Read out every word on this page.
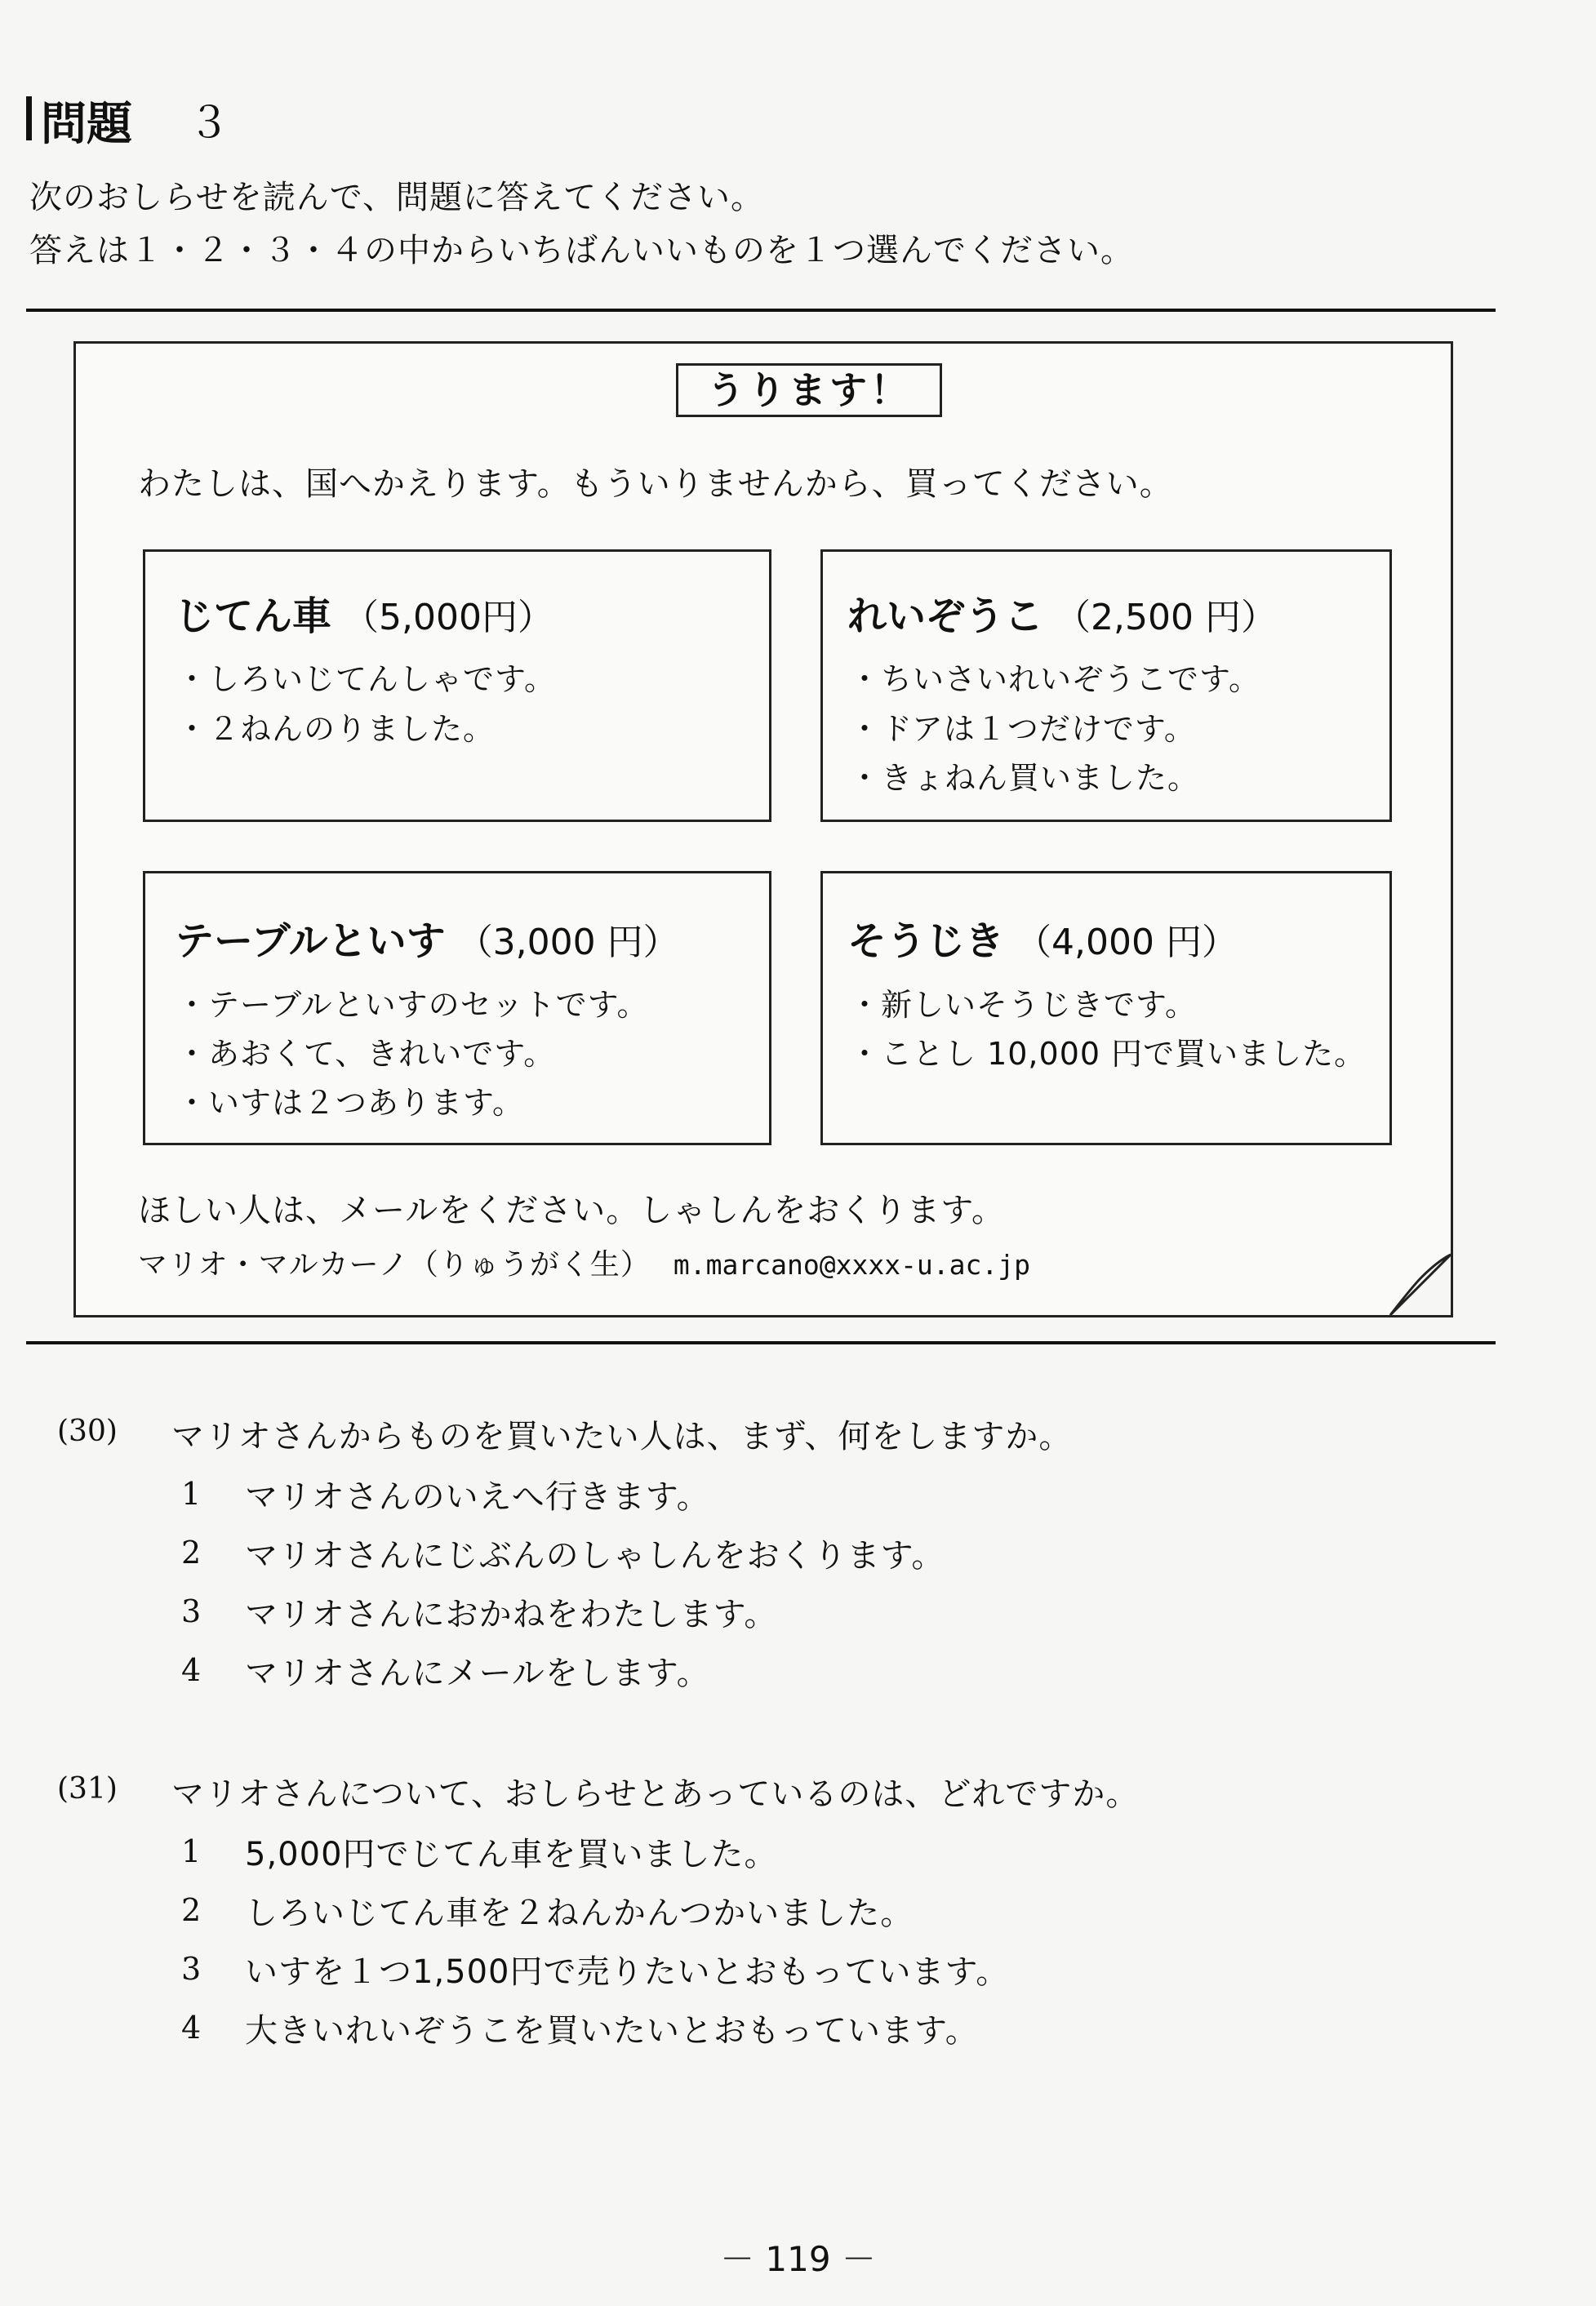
問題 ３
次のおしらせを読んで、問題に答えてください。
答えは１・２・３・４の中からいちばんいいものを１つ選んでください。
うります！
わたしは、国へかえります。もういりませんから、買ってください。
じてん車 （5,000円）
・しろいじてんしゃです。
・２ねんのりました。
れいぞうこ （2,500 円）
・ちいさいれいぞうこです。
・ドアは１つだけです。
・きょねん買いました。
テーブルといす （3,000 円）
・テーブルといすのセットです。
・あおくて、きれいです。
・いすは２つあります。
そうじき （4,000 円）
・新しいそうじきです。
・ことし 10,000 円で買いました。
ほしい人は、メールをください。しゃしんをおくります。
マリオ・マルカーノ（りゅうがく生） m.marcano@xxxx-u.ac.jp
(30) マリオさんからものを買いたい人は、まず、何をしますか。
1 マリオさんのいえへ行きます。
2 マリオさんにじぶんのしゃしんをおくります。
3 マリオさんにおかねをわたします。
4 マリオさんにメールをします。
(31) マリオさんについて、おしらせとあっているのは、どれですか。
1 5,000円でじてん車を買いました。
2 しろいじてん車を２ねんかんつかいました。
3 いすを１つ1,500円で売りたいとおもっています。
4 大きいれいぞうこを買いたいとおもっています。
－ 119 －
